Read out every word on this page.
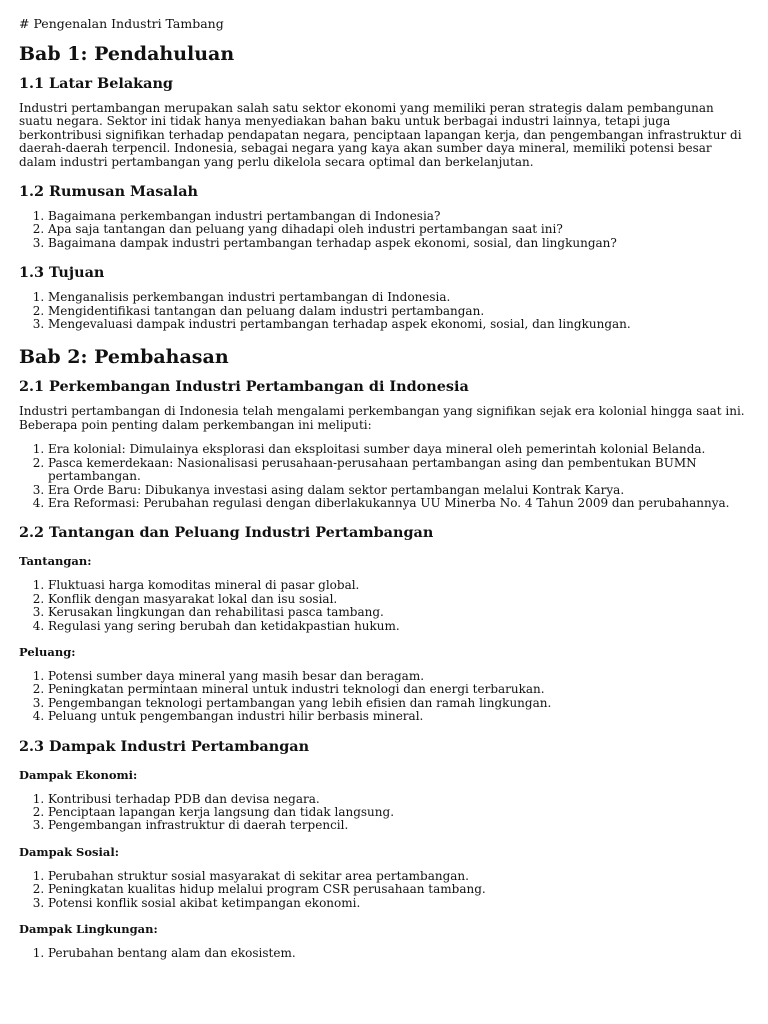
# Pengenalan Industri Tambang
Bab 1: Pendahuluan
1.1 Latar Belakang

Industri pertambangan merupakan salah satu sektor ekonomi yang memiliki peran strategis dalam pembangunan suatu negara. Sektor ini tidak hanya menyediakan bahan baku untuk berbagai industri lainnya, tetapi juga berkontribusi signifikan terhadap pendapatan negara, penciptaan lapangan kerja, dan pengembangan infrastruktur di daerah-daerah terpencil. Indonesia, sebagai negara yang kaya akan sumber daya mineral, memiliki potensi besar dalam industri pertambangan yang perlu dikelola secara optimal dan berkelanjutan.

1.2 Rumusan Masalah
1. Bagaimana perkembangan industri pertambangan di Indonesia?
2. Apa saja tantangan dan peluang yang dihadapi oleh industri pertambangan saat ini?
3. Bagaimana dampak industri pertambangan terhadap aspek ekonomi, sosial, dan lingkungan?
1.3 Tujuan
1. Menganalisis perkembangan industri pertambangan di Indonesia.
2. Mengidentifikasi tantangan dan peluang dalam industri pertambangan.
3. Mengevaluasi dampak industri pertambangan terhadap aspek ekonomi, sosial, dan lingkungan.
Bab 2: Pembahasan
2.1 Perkembangan Industri Pertambangan di Indonesia

Industri pertambangan di Indonesia telah mengalami perkembangan yang signifikan sejak era kolonial hingga saat ini. Beberapa poin penting dalam perkembangan ini meliputi:

1. Era kolonial: Dimulainya eksplorasi dan eksploitasi sumber daya mineral oleh pemerintah kolonial Belanda.
2. Pasca kemerdekaan: Nasionalisasi perusahaan-perusahaan pertambangan asing dan pembentukan BUMN pertambangan.
3. Era Orde Baru: Dibukanya investasi asing dalam sektor pertambangan melalui Kontrak Karya.
4. Era Reformasi: Perubahan regulasi dengan diberlakukannya UU Minerba No. 4 Tahun 2009 dan perubahannya.
2.2 Tantangan dan Peluang Industri Pertambangan
Tantangan:
1. Fluktuasi harga komoditas mineral di pasar global.
2. Konflik dengan masyarakat lokal dan isu sosial.
3. Kerusakan lingkungan dan rehabilitasi pasca tambang.
4. Regulasi yang sering berubah dan ketidakpastian hukum.
Peluang:
1. Potensi sumber daya mineral yang masih besar dan beragam.
2. Peningkatan permintaan mineral untuk industri teknologi dan energi terbarukan.
3. Pengembangan teknologi pertambangan yang lebih efisien dan ramah lingkungan.
4. Peluang untuk pengembangan industri hilir berbasis mineral.
2.3 Dampak Industri Pertambangan
Dampak Ekonomi:
1. Kontribusi terhadap PDB dan devisa negara.
2. Penciptaan lapangan kerja langsung dan tidak langsung.
3. Pengembangan infrastruktur di daerah terpencil.
Dampak Sosial:
1. Perubahan struktur sosial masyarakat di sekitar area pertambangan.
2. Peningkatan kualitas hidup melalui program CSR perusahaan tambang.
3. Potensi konflik sosial akibat ketimpangan ekonomi.
Dampak Lingkungan:
1. Perubahan bentang alam dan ekosistem.
